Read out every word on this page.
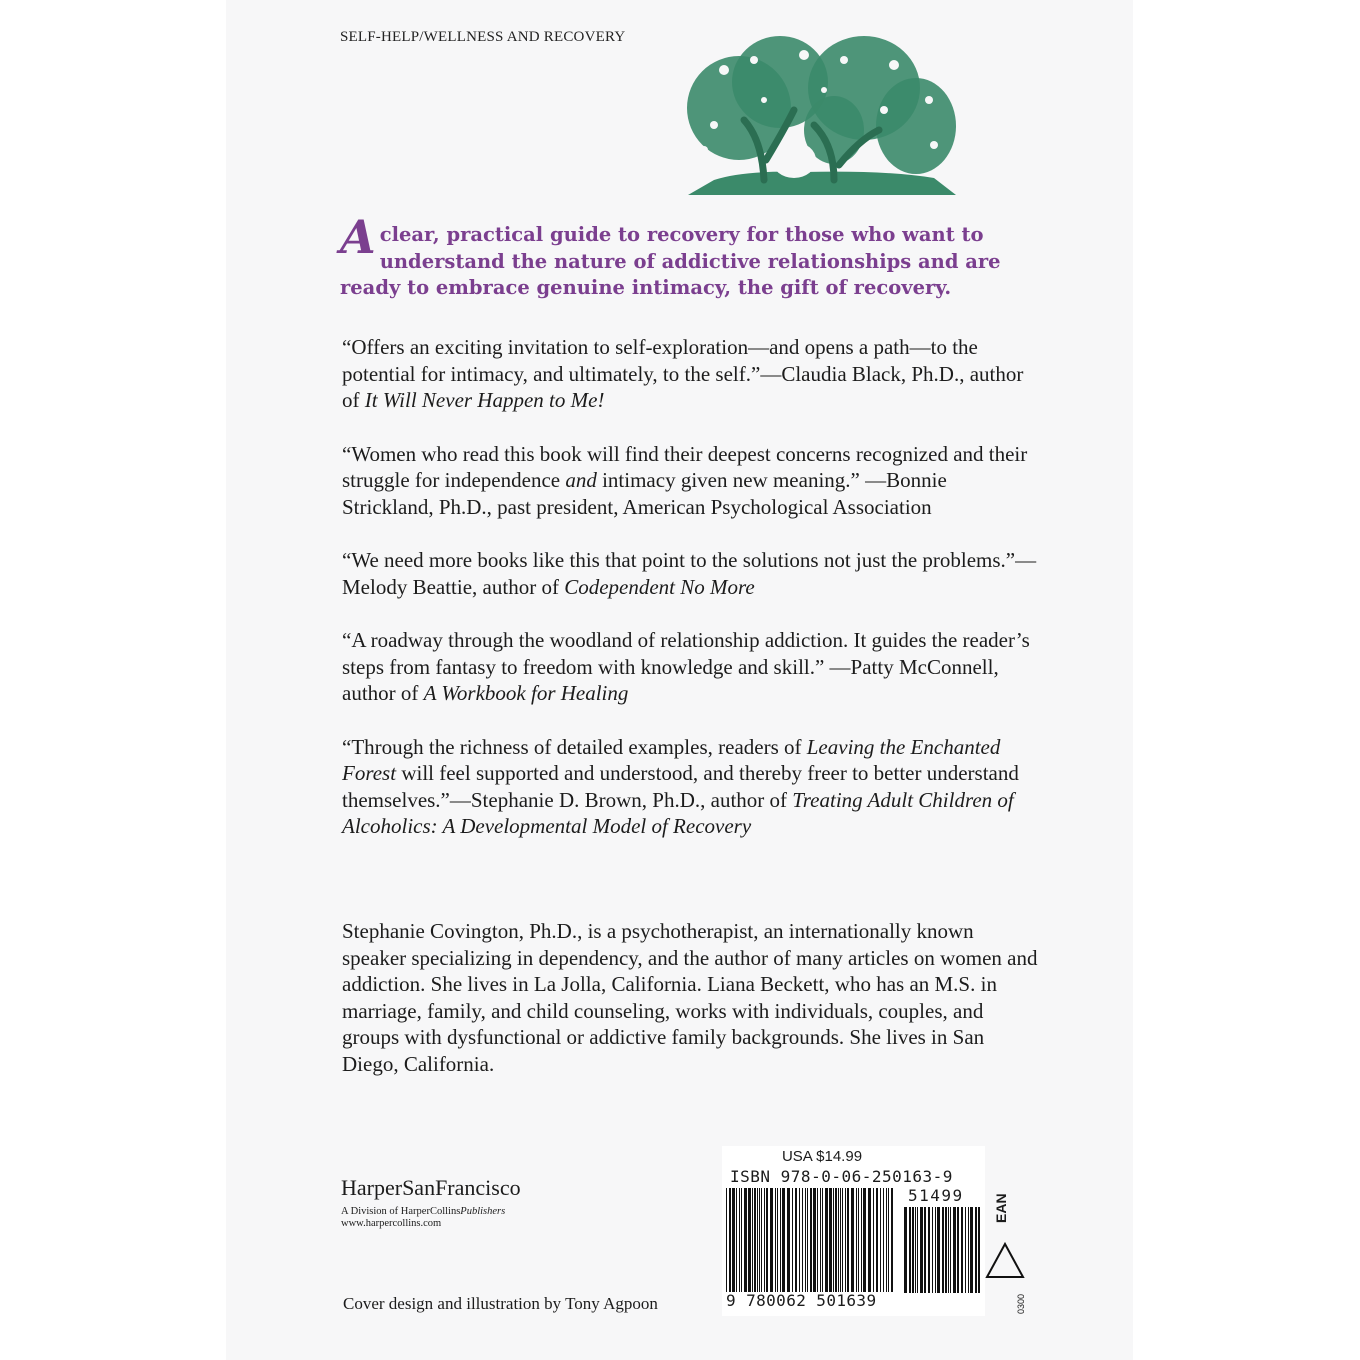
SELF-HELP/WELLNESS AND RECOVERY
A clear, practical guide to recovery for those who want to understand the nature of addictive relationships and are ready to embrace genuine intimacy, the gift of recovery.

“Offers an exciting invitation to self-exploration—and opens a path—to the potential for intimacy, and ultimately, to the self.”—Claudia Black, Ph.D., author of It Will Never Happen to Me!

“Women who read this book will find their deepest concerns recognized and their struggle for independence and intimacy given new meaning.” —Bonnie Strickland, Ph.D., past president, American Psychological Association

“We need more books like this that point to the solutions not just the problems.”—Melody Beattie, author of Codependent No More

“A roadway through the woodland of relationship addiction. It guides the reader’s steps from fantasy to freedom with knowledge and skill.” —Patty McConnell, author of A Workbook for Healing

“Through the richness of detailed examples, readers of Leaving the Enchanted Forest will feel supported and understood, and thereby freer to better understand themselves.”—Stephanie D. Brown, Ph.D., author of Treating Adult Children of Alcoholics: A Developmental Model of Recovery

Stephanie Covington, Ph.D., is a psychotherapist, an internationally known speaker specializing in dependency, and the author of many articles on women and addiction. She lives in La Jolla, California. Liana Beckett, who has an M.S. in marriage, family, and child counseling, works with individuals, couples, and groups with dysfunctional or addictive family backgrounds. She lives in San Diego, California.
HarperSanFrancisco
A Division of HarperCollinsPublishers
www.harpercollins.com
Cover design and illustration by Tony Agpoon
USA $14.99
ISBN 978-0-06-250163-9
51499
9 780062 501639
EAN
0300
